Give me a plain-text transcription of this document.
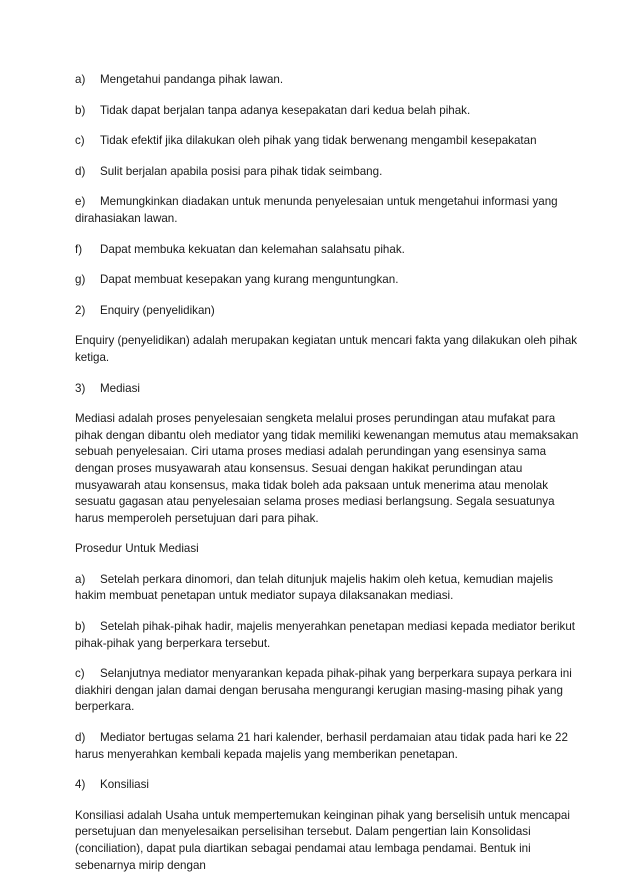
a) Mengetahui pandanga pihak lawan.
b) Tidak dapat berjalan tanpa adanya kesepakatan dari kedua belah pihak.
c) Tidak efektif jika dilakukan oleh pihak yang tidak berwenang mengambil kesepakatan
d) Sulit berjalan apabila posisi para pihak tidak seimbang.
e) Memungkinkan diadakan untuk menunda penyelesaian untuk mengetahui informasi yang dirahasiakan lawan.
f) Dapat membuka kekuatan dan kelemahan salahsatu pihak.
g) Dapat membuat kesepakan yang kurang menguntungkan.
2) Enquiry (penyelidikan)

Enquiry (penyelidikan) adalah merupakan kegiatan untuk mencari fakta yang dilakukan oleh pihak ketiga.

3) Mediasi

Mediasi adalah proses penyelesaian sengketa melalui proses perundingan atau mufakat para pihak dengan dibantu oleh mediator yang tidak memiliki kewenangan memutus atau memaksakan sebuah penyelesaian. Ciri utama proses mediasi adalah perundingan yang esensinya sama dengan proses musyawarah atau konsensus. Sesuai dengan hakikat perundingan atau musyawarah atau konsensus, maka tidak boleh ada paksaan untuk menerima atau menolak sesuatu gagasan atau penyelesaian selama proses mediasi berlangsung. Segala sesuatunya harus memperoleh persetujuan dari para pihak.

Prosedur Untuk Mediasi

a) Setelah perkara dinomori, dan telah ditunjuk majelis hakim oleh ketua, kemudian majelis hakim membuat penetapan untuk mediator supaya dilaksanakan mediasi.
b) Setelah pihak-pihak hadir, majelis menyerahkan penetapan mediasi kepada mediator berikut pihak-pihak yang berperkara tersebut.
c) Selanjutnya mediator menyarankan kepada pihak-pihak yang berperkara supaya perkara ini diakhiri dengan jalan damai dengan berusaha mengurangi kerugian masing-masing pihak yang berperkara.
d) Mediator bertugas selama 21 hari kalender, berhasil perdamaian atau tidak pada hari ke 22 harus menyerahkan kembali kepada majelis yang memberikan penetapan.
4) Konsiliasi

Konsiliasi adalah Usaha untuk mempertemukan keinginan pihak yang berselisih untuk mencapai persetujuan dan menyelesaikan perselisihan tersebut. Dalam pengertian lain Konsolidasi (conciliation), dapat pula diartikan sebagai pendamai atau lembaga pendamai. Bentuk ini sebenarnya mirip dengan
